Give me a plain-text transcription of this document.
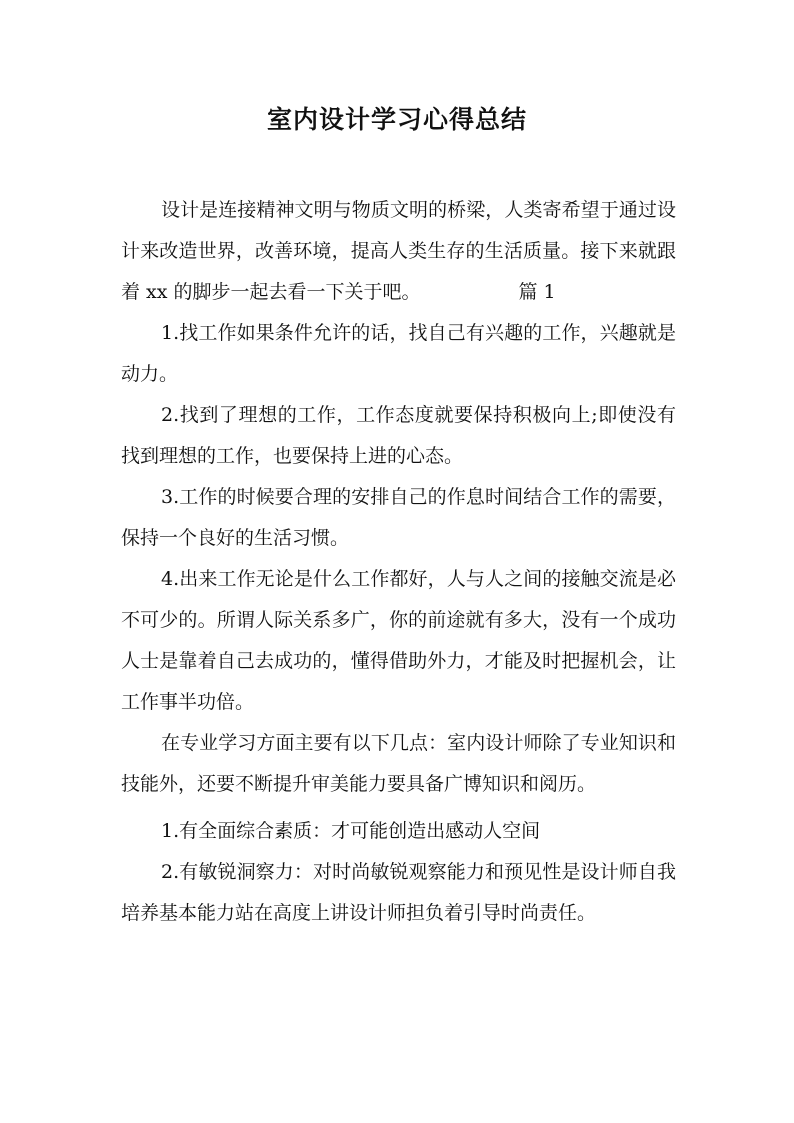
室内设计学习心得总结

设计是连接精神文明与物质文明的桥梁，人类寄希望于通过设计来改造世界，改善环境，提高人类生存的生活质量。接下来就跟着 xx 的脚步一起去看一下关于吧。	篇 1

1.找工作如果条件允许的话，找自己有兴趣的工作，兴趣就是动力。

2.找到了理想的工作，工作态度就要保持积极向上;即使没有找到理想的工作，也要保持上进的心态。

3.工作的时候要合理的安排自己的作息时间结合工作的需要，保持一个良好的生活习惯。

4.出来工作无论是什么工作都好，人与人之间的接触交流是必不可少的。所谓人际关系多广，你的前途就有多大，没有一个成功人士是靠着自己去成功的，懂得借助外力，才能及时把握机会，让工作事半功倍。

在专业学习方面主要有以下几点：室内设计师除了专业知识和技能外，还要不断提升审美能力要具备广博知识和阅历。

1.有全面综合素质：才可能创造出感动人空间

2.有敏锐洞察力：对时尚敏锐观察能力和预见性是设计师自我培养基本能力站在高度上讲设计师担负着引导时尚责任。
